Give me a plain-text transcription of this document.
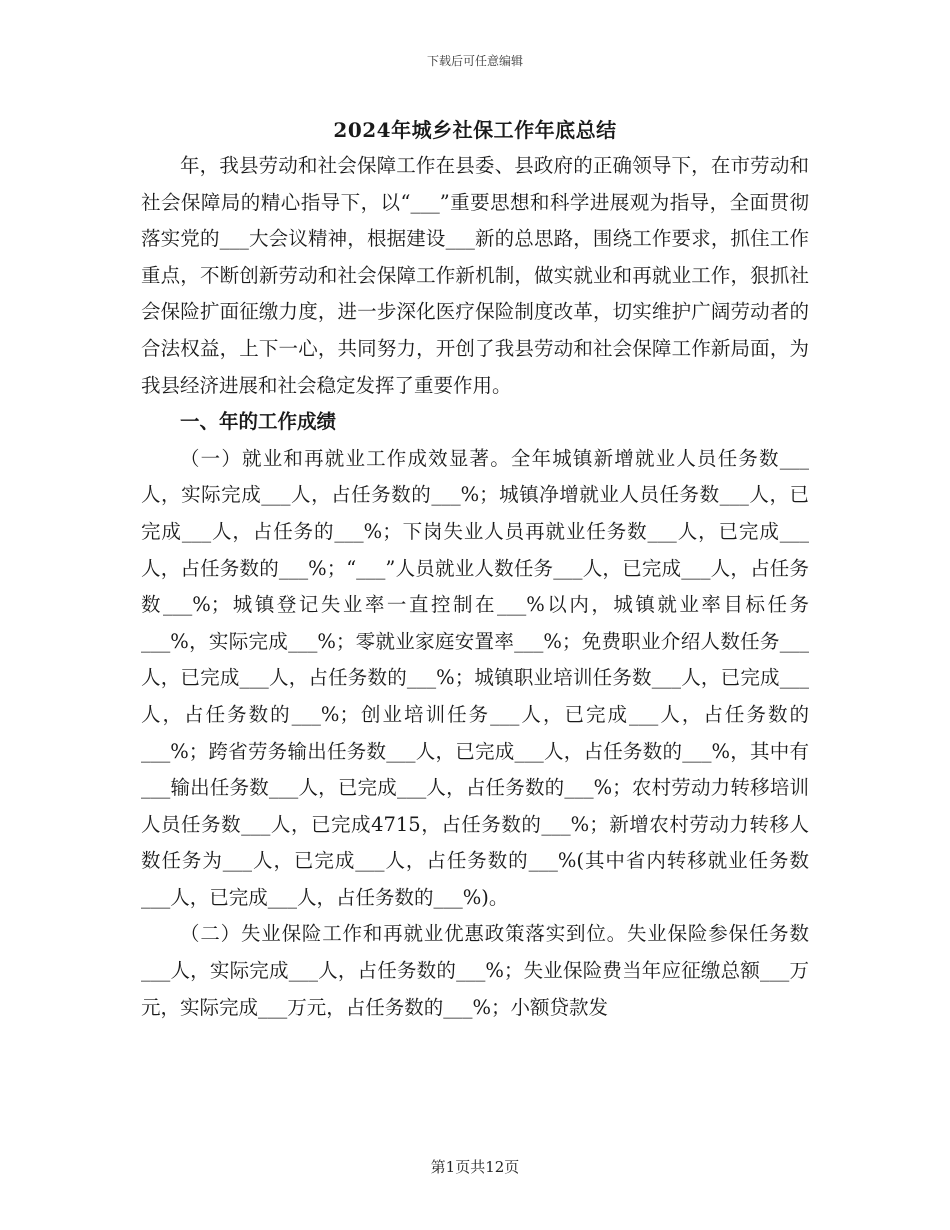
下载后可任意编辑
2024年城乡社保工作年底总结

年，我县劳动和社会保障工作在县委、县政府的正确领导下，在市劳动和社会保障局的精心指导下，以“___”重要思想和科学进展观为指导，全面贯彻落实党的___大会议精神，根据建设___新的总思路，围绕工作要求，抓住工作重点，不断创新劳动和社会保障工作新机制，做实就业和再就业工作，狠抓社会保险扩面征缴力度，进一步深化医疗保险制度改革，切实维护广阔劳动者的合法权益，上下一心，共同努力，开创了我县劳动和社会保障工作新局面，为我县经济进展和社会稳定发挥了重要作用。

一、年的工作成绩

（一）就业和再就业工作成效显著。全年城镇新增就业人员任务数___人，实际完成___人，占任务数的___%；城镇净增就业人员任务数___人，已完成___人，占任务的___%；下岗失业人员再就业任务数___人，已完成___人，占任务数的___%；“___”人员就业人数任务___人，已完成___人，占任务数___%；城镇登记失业率一直控制在___%以内，城镇就业率目标任务___%，实际完成___%；零就业家庭安置率___%；免费职业介绍人数任务___人，已完成___人，占任务数的___%；城镇职业培训任务数___人，已完成___人，占任务数的___%；创业培训任务___人，已完成___人，占任务数的___%；跨省劳务输出任务数___人，已完成___人，占任务数的___%，其中有___输出任务数___人，已完成___人，占任务数的___%；农村劳动力转移培训人员任务数___人，已完成4715，占任务数的___%；新增农村劳动力转移人数任务为___人，已完成___人，占任务数的___%(其中省内转移就业任务数___人，已完成___人，占任务数的___%)。

（二）失业保险工作和再就业优惠政策落实到位。失业保险参保任务数___人，实际完成___人，占任务数的___%；失业保险费当年应征缴总额___万元，实际完成___万元，占任务数的___%；小额贷款发

第1页共12页
